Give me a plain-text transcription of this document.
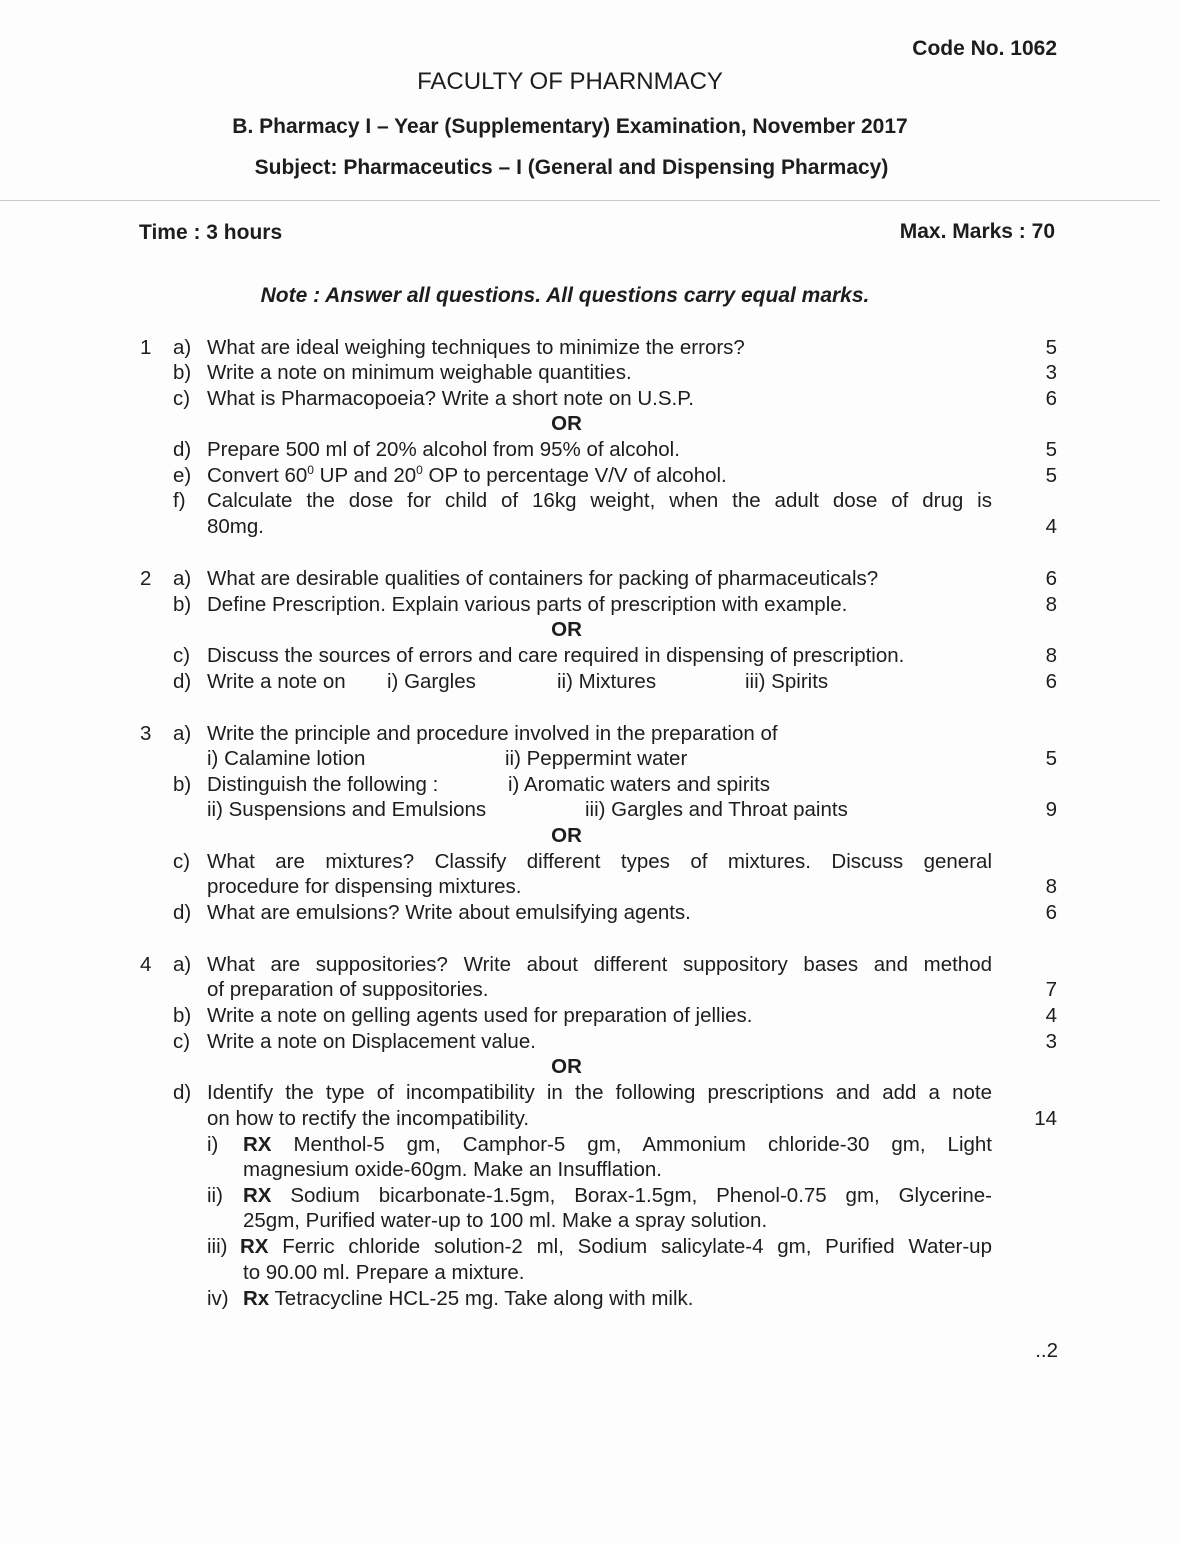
Code No. 1062
FACULTY OF PHARNMACY
B. Pharmacy I – Year (Supplementary) Examination, November 2017
Subject: Pharmaceutics – I (General and Dispensing Pharmacy)
Time : 3 hours	Max. Marks : 70
Note : Answer all questions. All questions carry equal marks.
1 a) What are ideal weighing techniques to minimize the errors?	5
b) Write a note on minimum weighable quantities.	3
c) What is Pharmacopoeia? Write a short note on U.S.P.	6
OR
d) Prepare 500 ml of 20% alcohol from 95% of alcohol.	5
e) Convert $60^0$ UP and $20^0$ OP to percentage V/V of alcohol.	5
f) Calculate the dose for child of 16kg weight, when the adult dose of drug is
80mg.	4
2 a) What are desirable qualities of containers for packing of pharmaceuticals?	6
b) Define Prescription. Explain various parts of prescription with example.	8
OR
c) Discuss the sources of errors and care required in dispensing of prescription.	8
d) Write a note on i) Gargles	ii) Mixtures	iii) Spirits	6
3 a) Write the principle and procedure involved in the preparation of
i) Calamine lotion	ii) Peppermint water	5
b) Distinguish the following :	i) Aromatic waters and spirits
ii) Suspensions and Emulsions	iii) Gargles and Throat paints	9
OR
c) What are mixtures? Classify different types of mixtures. Discuss general
procedure for dispensing mixtures.	8
d) What are emulsions? Write about emulsifying agents.	6
4 a) What are suppositories? Write about different suppository bases and method
of preparation of suppositories.	7
b) Write a note on gelling agents used for preparation of jellies.	4
c) Write a note on Displacement value.	3
OR
d) Identify the type of incompatibility in the following prescriptions and add a note
on how to rectify the incompatibility.	14
i) RX Menthol-5 gm, Camphor-5 gm, Ammonium chloride-30 gm, Light
magnesium oxide-60gm. Make an Insufflation.
ii) RX Sodium bicarbonate-1.5gm, Borax-1.5gm, Phenol-0.75 gm, Glycerine-
25gm, Purified water-up to 100 ml. Make a spray solution.
iii) RX Ferric chloride solution-2 ml, Sodium salicylate-4 gm, Purified Water-up
to 90.00 ml. Prepare a mixture.
iv) Rx Tetracycline HCL-25 mg. Take along with milk.
..2
